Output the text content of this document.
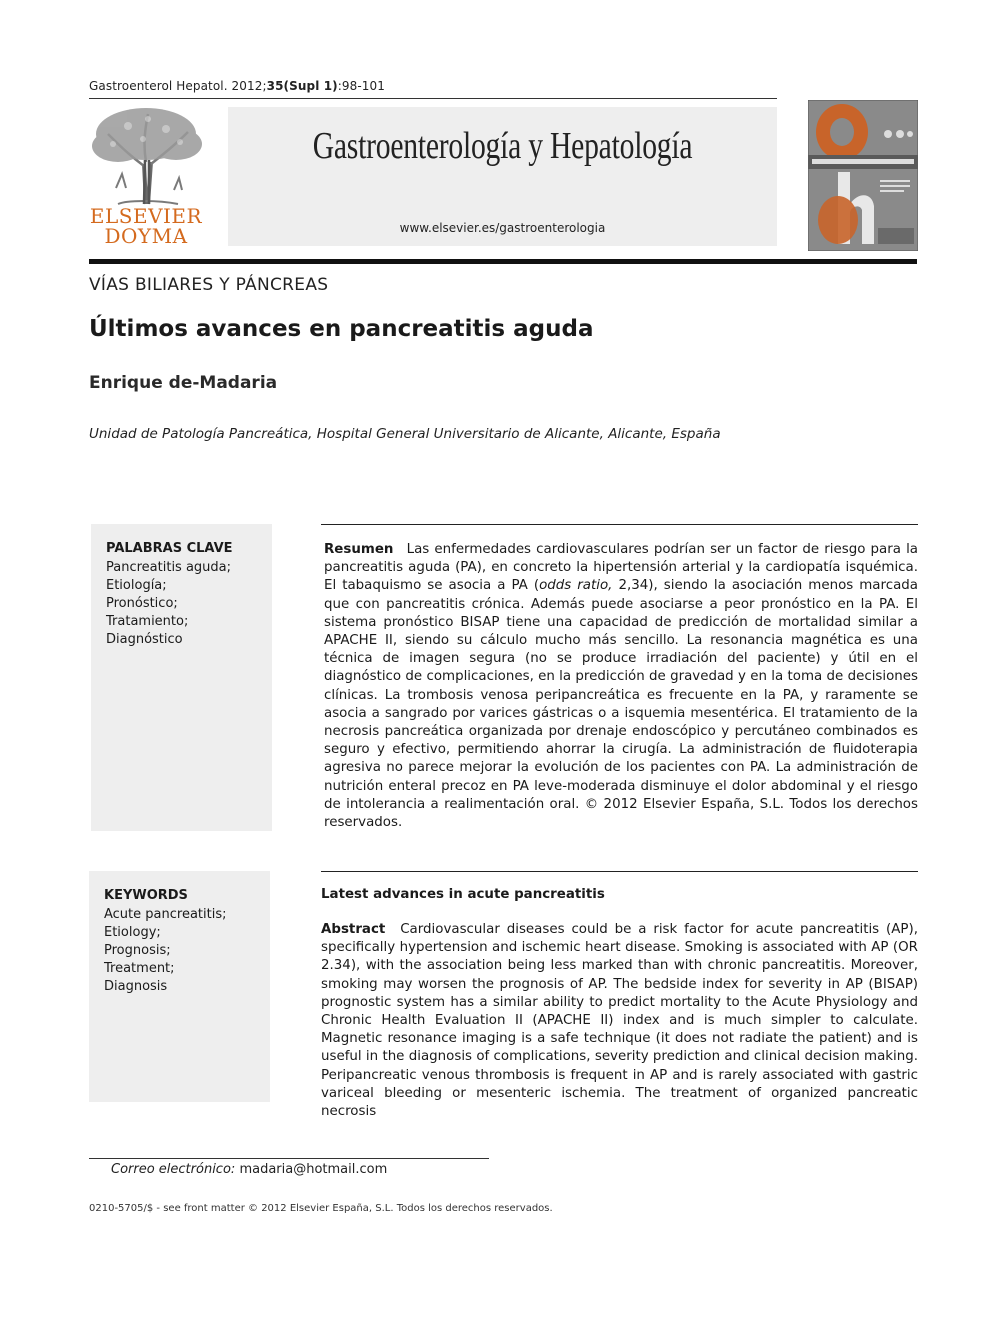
Gastroenterol Hepatol. 2012;35(Supl 1):98-101
ELSEVIER
DOYMA
Gastroenterología y Hepatología
www.elsevier.es/gastroenterologia
VÍAS BILIARES Y PÁNCREAS
Últimos avances en pancreatitis aguda
Enrique de-Madaria
Unidad de Patología Pancreática, Hospital General Universitario de Alicante, Alicante, España
PALABRAS CLAVE
Pancreatitis aguda;
Etiología;
Pronóstico;
Tratamiento;
Diagnóstico
Resumen Las enfermedades cardiovasculares podrían ser un factor de riesgo para la pancreatitis aguda (PA), en concreto la hipertensión arterial y la cardiopatía isquémica. El tabaquismo se asocia a PA (odds ratio, 2,34), siendo la asociación menos marcada que con pancreatitis crónica. Además puede asociarse a peor pronóstico en la PA. El sistema pronóstico BISAP tiene una capacidad de predicción de mortalidad similar a APACHE II, siendo su cálculo mucho más sencillo. La resonancia magnética es una técnica de imagen segura (no se produce irradiación del paciente) y útil en el diagnóstico de complicaciones, en la predicción de gravedad y en la toma de decisiones clínicas. La trombosis venosa peripancreática es frecuente en la PA, y raramente se asocia a sangrado por varices gástricas o a isquemia mesentérica. El tratamiento de la necrosis pancreática organizada por drenaje endoscópico y percutáneo combinados es seguro y efectivo, permitiendo ahorrar la cirugía. La administración de fluidoterapia agresiva no parece mejorar la evolución de los pacientes con PA. La administración de nutrición enteral precoz en PA leve-moderada disminuye el dolor abdominal y el riesgo de intolerancia a realimentación oral. © 2012 Elsevier España, S.L. Todos los derechos reservados.
KEYWORDS
Acute pancreatitis;
Etiology;
Prognosis;
Treatment;
Diagnosis
Latest advances in acute pancreatitis
Abstract Cardiovascular diseases could be a risk factor for acute pancreatitis (AP), specifically hypertension and ischemic heart disease. Smoking is associated with AP (OR 2.34), with the association being less marked than with chronic pancreatitis. Moreover, smoking may worsen the prognosis of AP. The bedside index for severity in AP (BISAP) prognostic system has a similar ability to predict mortality to the Acute Physiology and Chronic Health Evaluation II (APACHE II) index and is much simpler to calculate. Magnetic resonance imaging is a safe technique (it does not radiate the patient) and is useful in the diagnosis of complications, severity prediction and clinical decision making. Peripancreatic venous thrombosis is frequent in AP and is rarely associated with gastric variceal bleeding or mesenteric ischemia. The treatment of organized pancreatic necrosis
Correo electrónico: madaria@hotmail.com
0210-5705/$ - see front matter © 2012 Elsevier España, S.L. Todos los derechos reservados.
